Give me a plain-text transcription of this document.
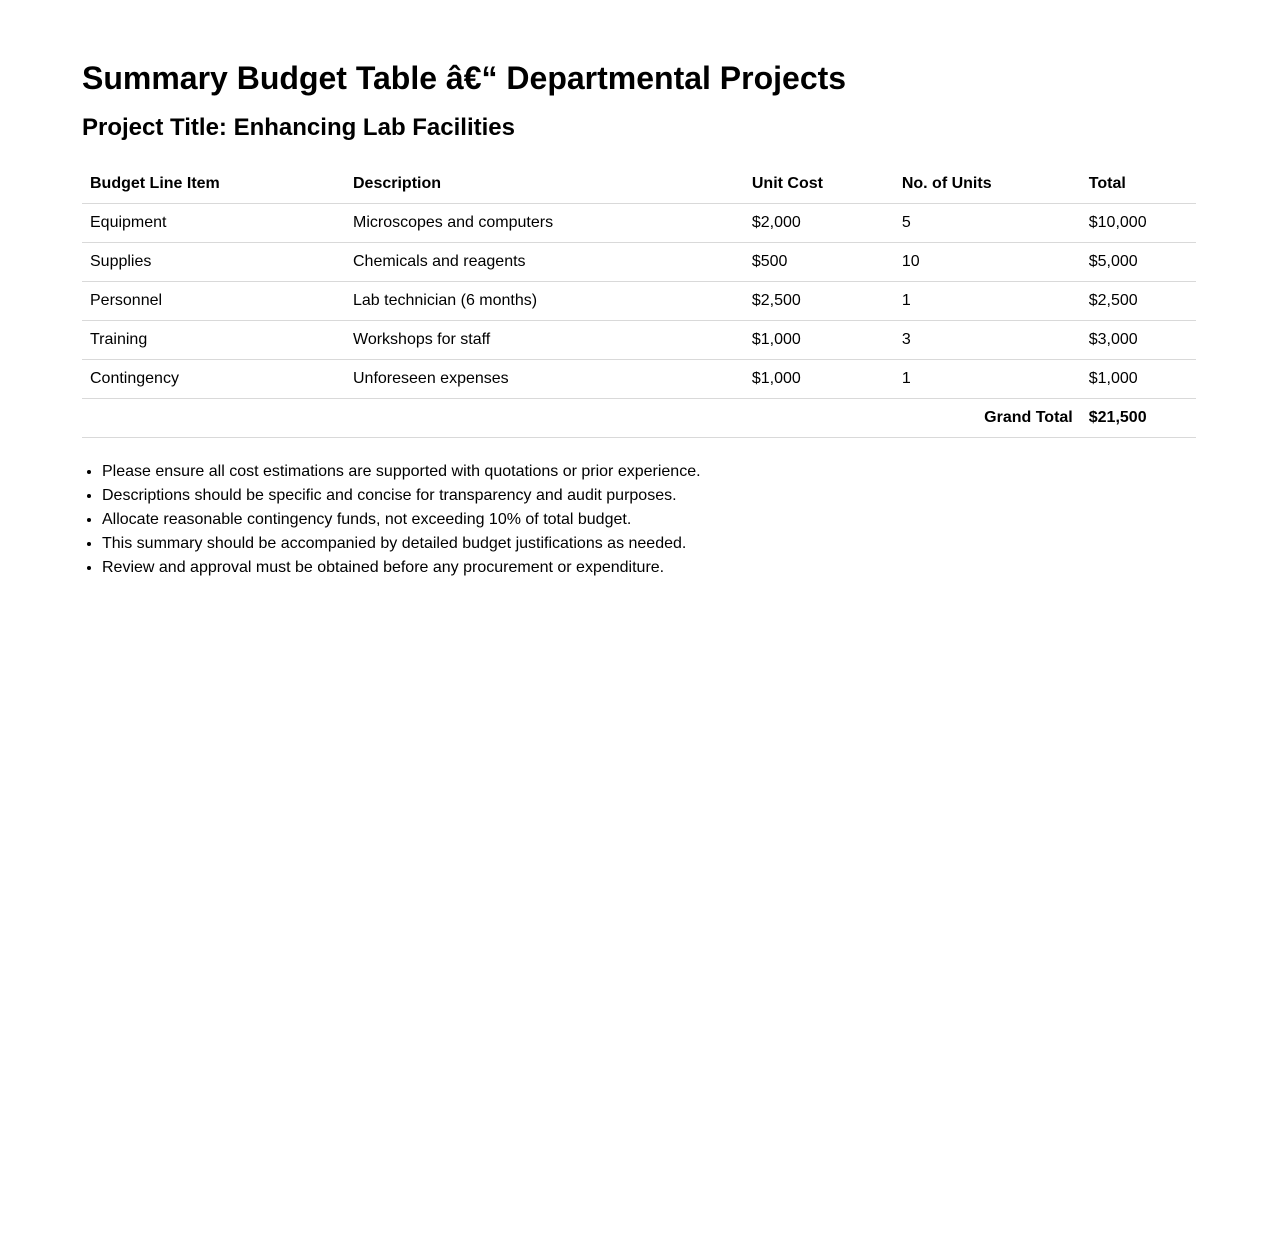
Summary Budget Table â€“ Departmental Projects
Project Title: Enhancing Lab Facilities
Budget Line Item	Description	Unit Cost	No. of Units	Total
Equipment	Microscopes and computers	$2,000	5	$10,000
Supplies	Chemicals and reagents	$500	10	$5,000
Personnel	Lab technician (6 months)	$2,500	1	$2,500
Training	Workshops for staff	$1,000	3	$3,000
Contingency	Unforeseen expenses	$1,000	1	$1,000
Grand Total				$21,500
• Please ensure all cost estimations are supported with quotations or prior experience.
• Descriptions should be specific and concise for transparency and audit purposes.
• Allocate reasonable contingency funds, not exceeding 10% of total budget.
• This summary should be accompanied by detailed budget justifications as needed.
• Review and approval must be obtained before any procurement or expenditure.
